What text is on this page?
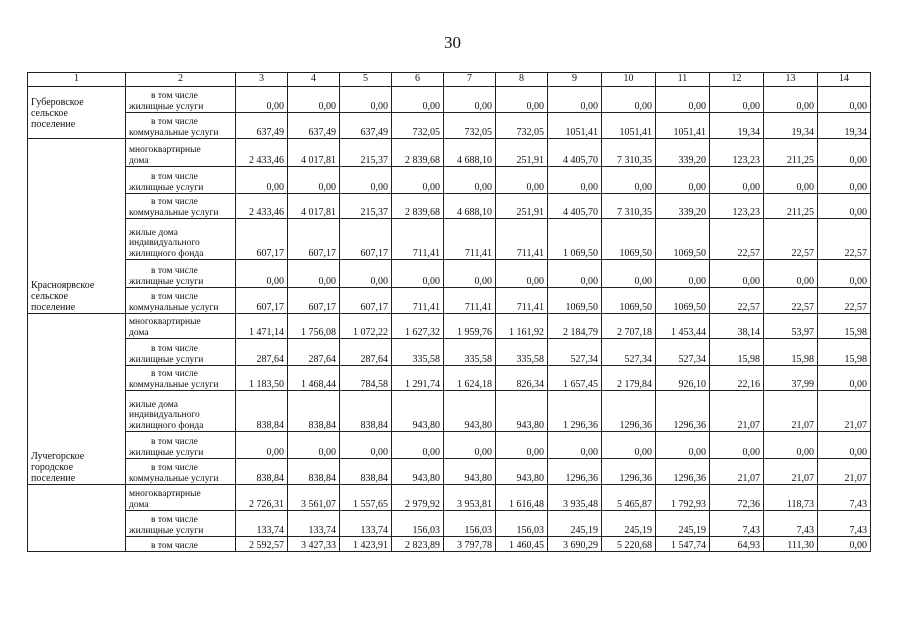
30
1	2	3	4	5	6	7	8	9	10	11	12	13	14

Губеровское
сельское
поселение	в том числе
жилищные услуги	0,00	0,00	0,00	0,00	0,00	0,00	0,00	0,00	0,00	0,00	0,00	0,00

	в том числе
коммунальные услуги	637,49	637,49	637,49	732,05	732,05	732,05	1051,41	1051,41	1051,41	19,34	19,34	19,34

Красноярвское
сельское
поселение	многоквартирные
дома	2 433,46	4 017,81	215,37	2 839,68	4 688,10	251,91	4 405,70	7 310,35	339,20	123,23	211,25	0,00

	в том числе
жилищные услуги	0,00	0,00	0,00	0,00	0,00	0,00	0,00	0,00	0,00	0,00	0,00	0,00

	в том числе
коммунальные услуги	2 433,46	4 017,81	215,37	2 839,68	4 688,10	251,91	4 405,70	7 310,35	339,20	123,23	211,25	0,00

	жилые дома
индивидуального
жилищного фонда	607,17	607,17	607,17	711,41	711,41	711,41	1 069,50	1069,50	1069,50	22,57	22,57	22,57

	в том числе
жилищные услуги	0,00	0,00	0,00	0,00	0,00	0,00	0,00	0,00	0,00	0,00	0,00	0,00

	в том числе
коммунальные услуги	607,17	607,17	607,17	711,41	711,41	711,41	1069,50	1069,50	1069,50	22,57	22,57	22,57

Лучегорское
городское
поселение	многоквартирные
дома	1 471,14	1 756,08	1 072,22	1 627,32	1 959,76	1 161,92	2 184,79	2 707,18	1 453,44	38,14	53,97	15,98

	в том числе
жилищные услуги	287,64	287,64	287,64	335,58	335,58	335,58	527,34	527,34	527,34	15,98	15,98	15,98

	в том числе
коммунальные услуги	1 183,50	1 468,44	784,58	1 291,74	1 624,18	826,34	1 657,45	2 179,84	926,10	22,16	37,99	0,00

	жилые дома
индивидуального
жилищного фонда	838,84	838,84	838,84	943,80	943,80	943,80	1 296,36	1296,36	1296,36	21,07	21,07	21,07

	в том числе
жилищные услуги	0,00	0,00	0,00	0,00	0,00	0,00	0,00	0,00	0,00	0,00	0,00	0,00

	в том числе
коммунальные услуги	838,84	838,84	838,84	943,80	943,80	943,80	1296,36	1296,36	1296,36	21,07	21,07	21,07

	многоквартирные
дома	2 726,31	3 561,07	1 557,65	2 979,92	3 953,81	1 616,48	3 935,48	5 465,87	1 792,93	72,36	118,73	7,43

	в том числе
жилищные услуги	133,74	133,74	133,74	156,03	156,03	156,03	245,19	245,19	245,19	7,43	7,43	7,43

	в том числе	2 592,57	3 427,33	1 423,91	2 823,89	3 797,78	1 460,45	3 690,29	5 220,68	1 547,74	64,93	111,30	0,00
